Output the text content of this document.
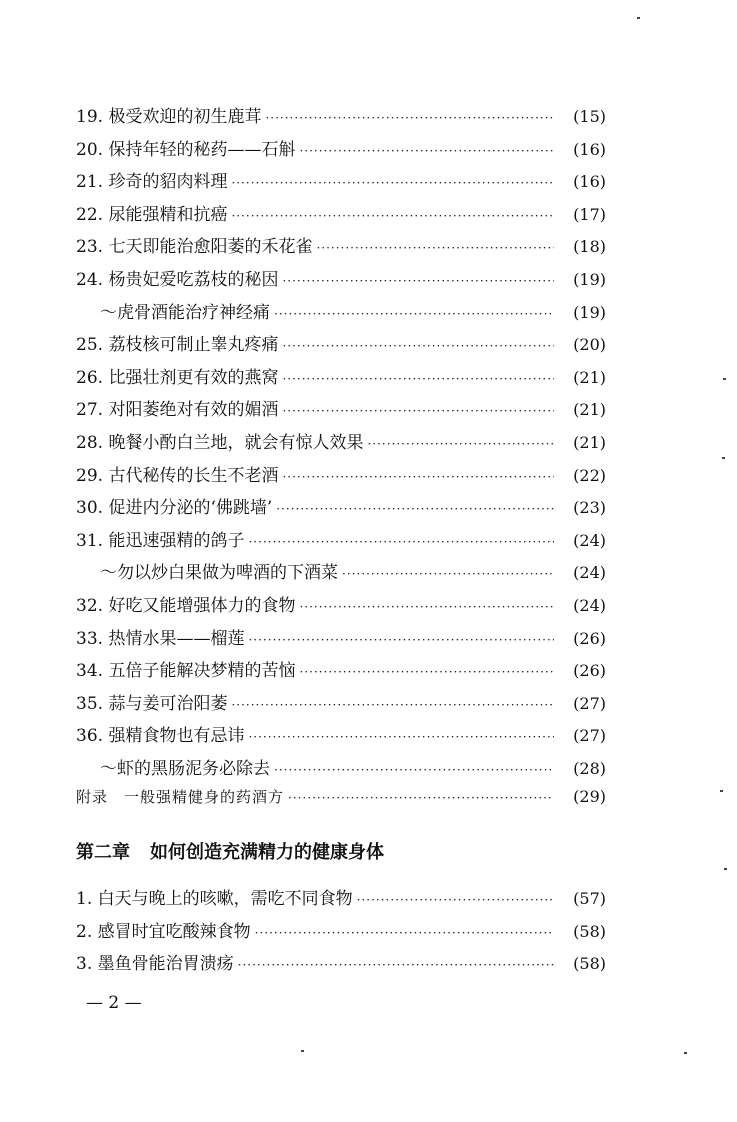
19. 极受欢迎的初生鹿茸 ·····	(15)
20. 保持年轻的秘药——石斛 ·····	(16)
21. 珍奇的貂肉料理 ·····	(16)
22. 尿能强精和抗癌 ·····	(17)
23. 七天即能治愈阳萎的禾花雀 ·····	(18)
24. 杨贵妃爱吃荔枝的秘因 ·····	(19)
～虎骨酒能治疗神经痛 ·····	(19)
25. 荔枝核可制止睾丸疼痛 ·····	(20)
26. 比强壮剂更有效的燕窝 ·····	(21)
27. 对阳萎绝对有效的媚酒 ·····	(21)
28. 晚餐小酌白兰地，就会有惊人效果 ·····	(21)
29. 古代秘传的长生不老酒 ·····	(22)
30. 促进内分泌的‘佛跳墙’ ·····	(23)
31. 能迅速强精的鸽子 ·····	(24)
～勿以炒白果做为啤酒的下酒菜 ·····	(24)
32. 好吃又能增强体力的食物 ·····	(24)
33. 热情水果——榴莲 ·····	(26)
34. 五倍子能解决梦精的苦恼 ·····	(26)
35. 蒜与姜可治阳萎 ·····	(27)
36. 强精食物也有忌讳 ·····	(27)
～虾的黑肠泥务必除去 ·····	(28)
附录　一般强精健身的药酒方 ·····	(29)
第二章 如何创造充满精力的健康身体
1. 白天与晚上的咳嗽，需吃不同食物 ·····	(57)
2. 感冒时宜吃酸辣食物 ·····	(58)
3. 墨鱼骨能治胃溃疡 ·····	(58)
— 2 —
